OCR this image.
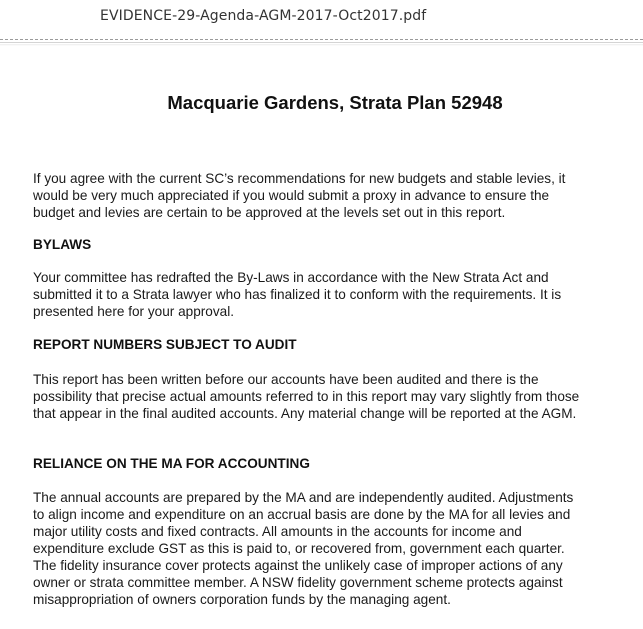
EVIDENCE-29-Agenda-AGM-2017-Oct2017.pdf
Macquarie Gardens, Strata Plan 52948
If you agree with the current SC’s recommendations for new budgets and stable levies, it
would be very much appreciated if you would submit a proxy in advance to ensure the
budget and levies are certain to be approved at the levels set out in this report.
BYLAWS
Your committee has redrafted the By-Laws in accordance with the New Strata Act and
submitted it to a Strata lawyer who has finalized it to conform with the requirements. It is
presented here for your approval.
REPORT NUMBERS SUBJECT TO AUDIT
This report has been written before our accounts have been audited and there is the
possibility that precise actual amounts referred to in this report may vary slightly from those
that appear in the final audited accounts. Any material change will be reported at the AGM.
RELIANCE ON THE MA FOR ACCOUNTING
The annual accounts are prepared by the MA and are independently audited. Adjustments
to align income and expenditure on an accrual basis are done by the MA for all levies and
major utility costs and fixed contracts. All amounts in the accounts for income and
expenditure exclude GST as this is paid to, or recovered from, government each quarter.
The fidelity insurance cover protects against the unlikely case of improper actions of any
owner or strata committee member. A NSW fidelity government scheme protects against
misappropriation of owners corporation funds by the managing agent.
